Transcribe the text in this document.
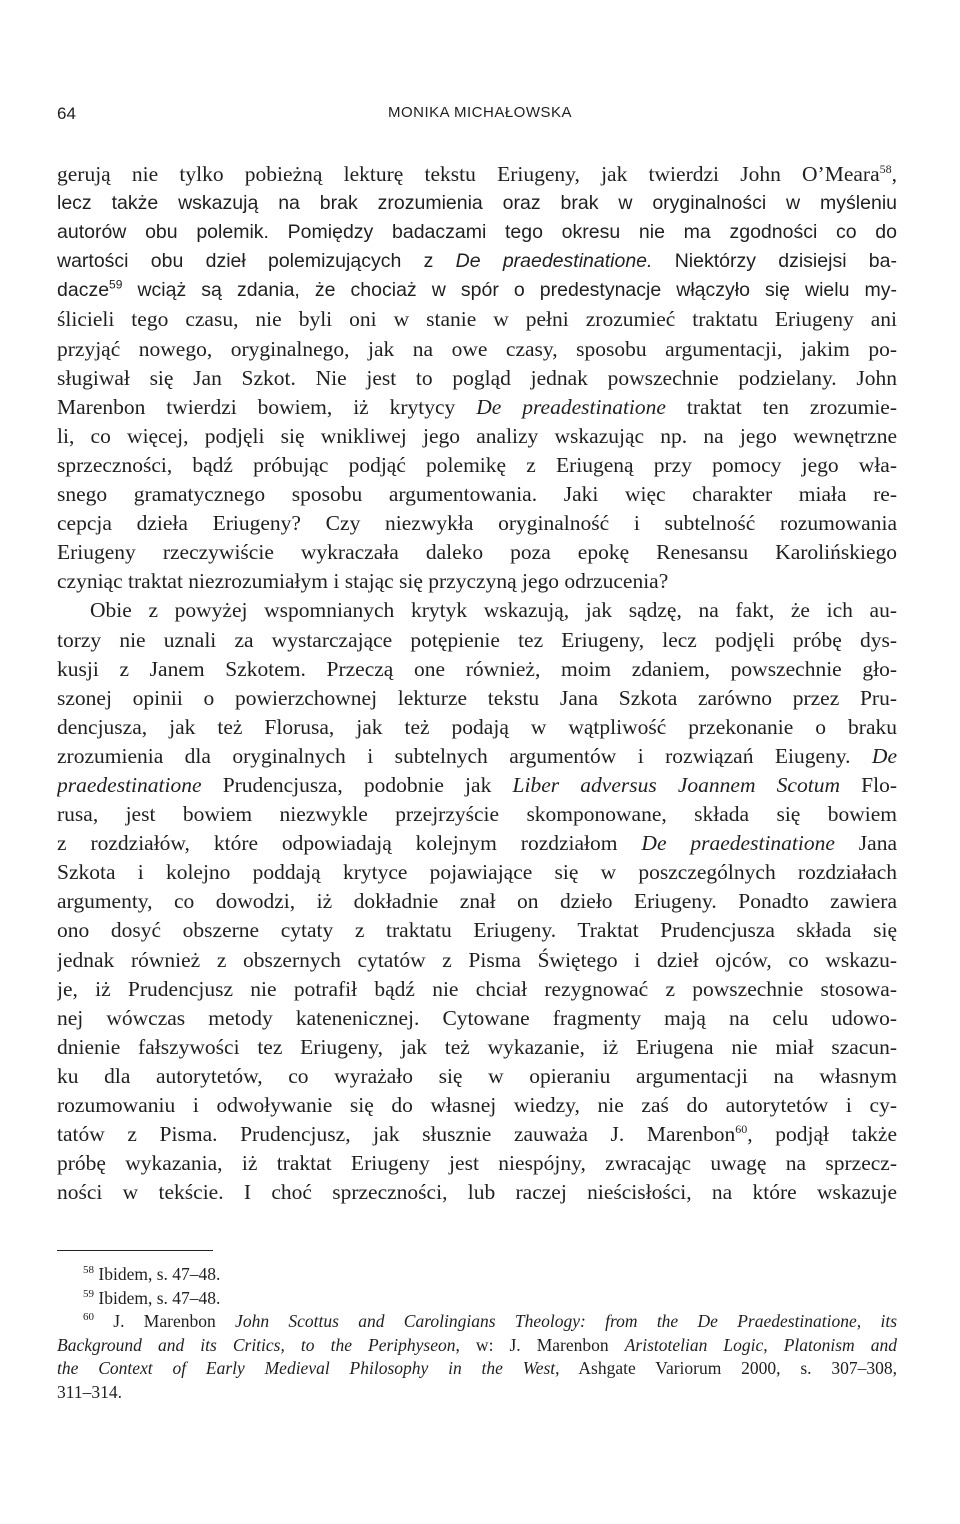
64	MONIKA MICHAŁOWSKA
gerują nie tylko pobieżną lekturę tekstu Eriugeny, jak twierdzi John O’Meara$^{58}$,
lecz także wskazują na brak zrozumienia oraz brak w oryginalności w myśleniu
autorów obu polemik. Pomiędzy badaczami tego okresu nie ma zgodności co do
wartości obu dzieł polemizujących z De praedestinatione. Niektórzy dzisiejsi ba-
dacze$^{59}$ wciąż są zdania, że chociaż w spór o predestynacje włączyło się wielu my-
ślicieli tego czasu, nie byli oni w stanie w pełni zrozumieć traktatu Eriugeny ani
przyjąć nowego, oryginalnego, jak na owe czasy, sposobu argumentacji, jakim po-
sługiwał się Jan Szkot. Nie jest to pogląd jednak powszechnie podzielany. John
Marenbon twierdzi bowiem, iż krytycy De preadestinatione traktat ten zrozumie-
li, co więcej, podjęli się wnikliwej jego analizy wskazując np. na jego wewnętrzne
sprzeczności, bądź próbując podjąć polemikę z Eriugeną przy pomocy jego wła-
snego gramatycznego sposobu argumentowania. Jaki więc charakter miała re-
cepcja dzieła Eriugeny? Czy niezwykła oryginalność i subtelność rozumowania
Eriugeny rzeczywiście wykraczała daleko poza epokę Renesansu Karolińskiego
czyniąc traktat niezrozumiałym i stając się przyczyną jego odrzucenia?
Obie z powyżej wspomnianych krytyk wskazują, jak sądzę, na fakt, że ich au-
torzy nie uznali za wystarczające potępienie tez Eriugeny, lecz podjęli próbę dys-
kusji z Janem Szkotem. Przeczą one również, moim zdaniem, powszechnie gło-
szonej opinii o powierzchownej lekturze tekstu Jana Szkota zarówno przez Pru-
dencjusza, jak też Florusa, jak też podają w wątpliwość przekonanie o braku
zrozumienia dla oryginalnych i subtelnych argumentów i rozwiązań Eiugeny. De
praedestinatione Prudencjusza, podobnie jak Liber adversus Joannem Scotum Flo-
rusa, jest bowiem niezwykle przejrzyście skomponowane, składa się bowiem
z rozdziałów, które odpowiadają kolejnym rozdziałom De praedestinatione Jana
Szkota i kolejno poddają krytyce pojawiające się w poszczególnych rozdziałach
argumenty, co dowodzi, iż dokładnie znał on dzieło Eriugeny. Ponadto zawiera
ono dosyć obszerne cytaty z traktatu Eriugeny. Traktat Prudencjusza składa się
jednak również z obszernych cytatów z Pisma Świętego i dzieł ojców, co wskazu-
je, iż Prudencjusz nie potrafił bądź nie chciał rezygnować z powszechnie stosowa-
nej wówczas metody katenenicznej. Cytowane fragmenty mają na celu udowo-
dnienie fałszywości tez Eriugeny, jak też wykazanie, iż Eriugena nie miał szacun-
ku dla autorytetów, co wyrażało się w opieraniu argumentacji na własnym
rozumowaniu i odwoływanie się do własnej wiedzy, nie zaś do autorytetów i cy-
tatów z Pisma. Prudencjusz, jak słusznie zauważa J. Marenbon$^{60}$, podjął także
próbę wykazania, iż traktat Eriugeny jest niespójny, zwracając uwagę na sprzecz-
ności w tekście. I choć sprzeczności, lub raczej nieścisłości, na które wskazuje
$^{58}$ Ibidem, s. 47–48.
$^{59}$ Ibidem, s. 47–48.
$^{60}$ J. Marenbon John Scottus and Carolingians Theology: from the De Praedestinatione, its
Background and its Critics, to the Periphyseon, w: J. Marenbon Aristotelian Logic, Platonism and
the Context of Early Medieval Philosophy in the West, Ashgate Variorum 2000, s. 307–308,
311–314.
